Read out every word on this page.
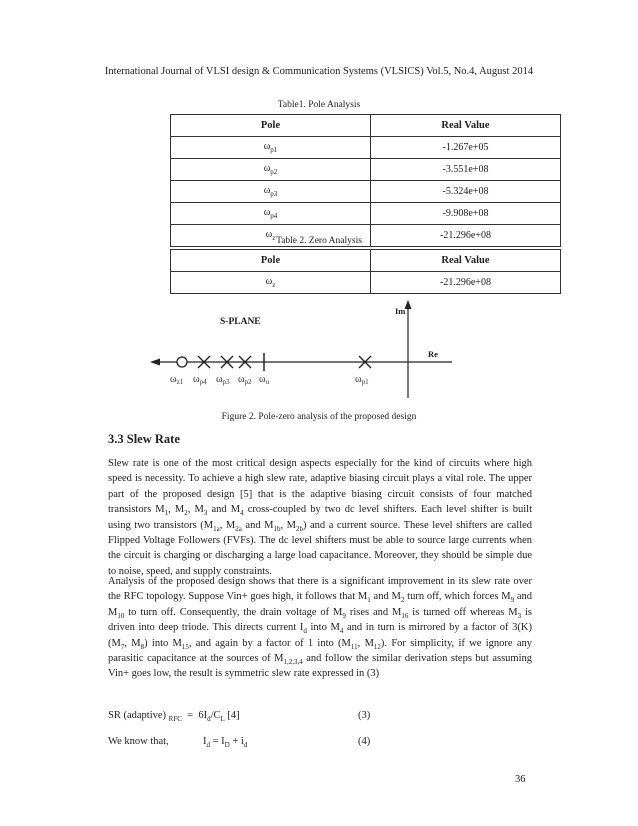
International Journal of VLSI design & Communication Systems (VLSICS) Vol.5, No.4, August 2014
Table1. Pole Analysis
Pole	Real Value
$\omega_{p1}$	-1.267e+05
$\omega_{p2}$	-3.551e+08
$\omega_{p3}$	-5.324e+08
$\omega_{p4}$	-9.908e+08
$\omega_z$	-21.296e+08
Table 2. Zero Analysis
Pole	Real Value
$\omega_z$	-21.296e+08
S-PLANE
Im
Re
$\omega_{z1}$ $\omega_{p4}$ $\omega_{p3}$ $\omega_{p2}$ $\omega_u$	$\omega_{p1}$
Figure 2. Pole-zero analysis of the proposed design
3.3 Slew Rate
Slew rate is one of the most critical design aspects especially for the kind of circuits where high speed is necessity. To achieve a high slew rate, adaptive biasing circuit plays a vital role. The upper part of the proposed design [5] that is the adaptive biasing circuit consists of four matched transistors $M_1$, $M_2$, $M_3$ and $M_4$ cross-coupled by two dc level shifters. Each level shifter is built using two transistors ($M_{1a}$, $M_{2a}$ and $M_{1b}$, $M_{2b}$) and a current source. These level shifters are called Flipped Voltage Followers (FVFs). The dc level shifters must be able to source large currents when the circuit is charging or discharging a large load capacitance. Moreover, they should be simple due to noise, speed, and supply constraints.
Analysis of the proposed design shows that there is a significant improvement in its slew rate over the RFC topology. Suppose Vin+ goes high, it follows that $M_1$ and $M_2$ turn off, which forces $M_9$ and $M_{10}$ to turn off. Consequently, the drain voltage of $M_9$ rises and $M_{16}$ is turned off whereas $M_3$ is driven into deep triode. This directs current $I_d$ into $M_4$ and in turn is mirrored by a factor of 3(K) ($M_7$, $M_8$) into $M_{15}$, and again by a factor of 1 into ($M_{11}$, $M_{12}$). For simplicity, if we ignore any parasitic capacitance at the sources of $M_{1,2,3,4}$ and follow the similar derivation steps but assuming Vin+ goes low, the result is symmetric slew rate expressed in (3)
SR (adaptive) $_{RFC} = 6I_d/C_L$ [4]	(3)
We know that,	$I_d = I_D + i_d$	(4)
36
